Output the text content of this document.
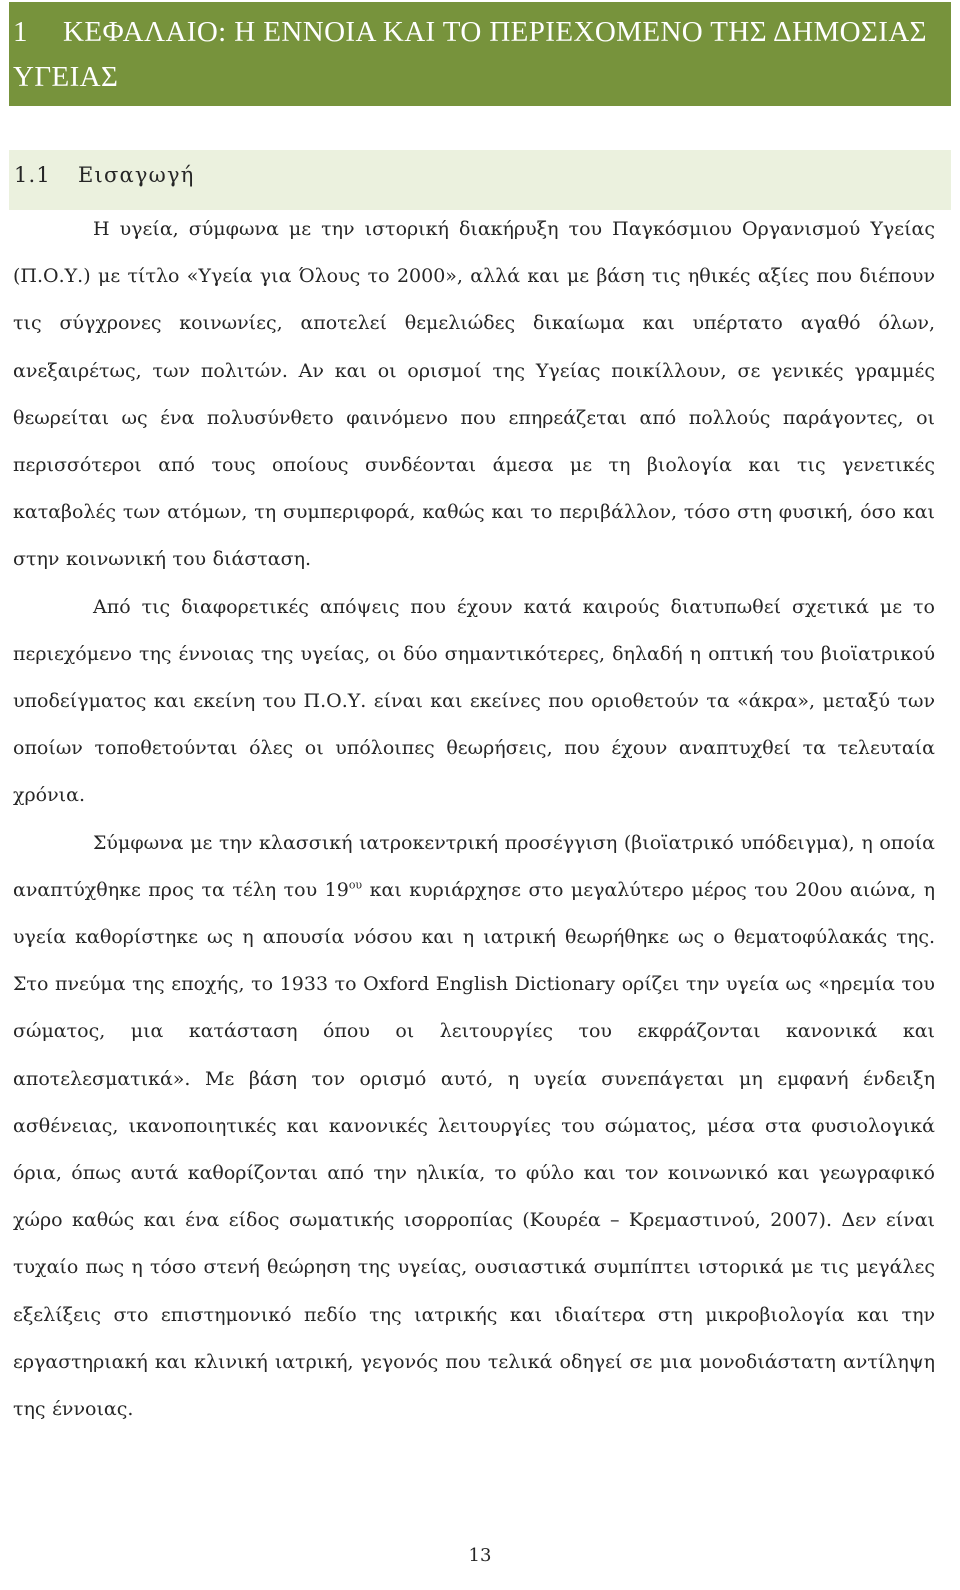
1 ΚΕΦΑΛΑΙΟ: Η ΕΝΝΟΙΑ ΚΑΙ ΤΟ ΠΕΡΙΕΧΟΜΕΝΟ ΤΗΣ ΔΗΜΟΣΙΑΣ ΥΓΕΙΑΣ
1.1 Εισαγωγή

Η υγεία, σύμφωνα με την ιστορική διακήρυξη του Παγκόσμιου Οργανισμού Υγείας (Π.Ο.Υ.) με τίτλο «Υγεία για Όλους το 2000», αλλά και με βάση τις ηθικές αξίες που διέπουν τις σύγχρονες κοινωνίες, αποτελεί θεμελιώδες δικαίωμα και υπέρτατο αγαθό όλων, ανεξαιρέτως, των πολιτών. Αν και οι ορισμοί της Υγείας ποικίλλουν, σε γενικές γραμμές θεωρείται ως ένα πολυσύνθετο φαινόμενο που επηρεάζεται από πολλούς παράγοντες, οι περισσότεροι από τους οποίους συνδέονται άμεσα με τη βιολογία και τις γενετικές καταβολές των ατόμων, τη συμπεριφορά, καθώς και το περιβάλλον, τόσο στη φυσική, όσο και στην κοινωνική του διάσταση.

Από τις διαφορετικές απόψεις που έχουν κατά καιρούς διατυπωθεί σχετικά με το περιεχόμενο της έννοιας της υγείας, οι δύο σημαντικότερες, δηλαδή η οπτική του βιοϊατρικού υποδείγματος και εκείνη του Π.Ο.Υ. είναι και εκείνες που οριοθετούν τα «άκρα», μεταξύ των οποίων τοποθετούνται όλες οι υπόλοιπες θεωρήσεις, που έχουν αναπτυχθεί τα τελευταία χρόνια.

Σύμφωνα με την κλασσική ιατροκεντρική προσέγγιση (βιοϊατρικό υπόδειγμα), η οποία αναπτύχθηκε προς τα τέλη του $19^{o\upsilon}$ και κυριάρχησε στο μεγαλύτερο μέρος του 20ου αιώνα, η υγεία καθορίστηκε ως η απουσία νόσου και η ιατρική θεωρήθηκε ως ο θεματοφύλακάς της. Στο πνεύμα της εποχής, το 1933 το Oxford English Dictionary ορίζει την υγεία ως «ηρεμία του σώματος, μια κατάσταση όπου οι λειτουργίες του εκφράζονται κανονικά και αποτελεσματικά». Με βάση τον ορισμό αυτό, η υγεία συνεπάγεται μη εμφανή ένδειξη ασθένειας, ικανοποιητικές και κανονικές λειτουργίες του σώματος, μέσα στα φυσιολογικά όρια, όπως αυτά καθορίζονται από την ηλικία, το φύλο και τον κοινωνικό και γεωγραφικό χώρο καθώς και ένα είδος σωματικής ισορροπίας (Κουρέα – Κρεμαστινού, 2007). Δεν είναι τυχαίο πως η τόσο στενή θεώρηση της υγείας, ουσιαστικά συμπίπτει ιστορικά με τις μεγάλες εξελίξεις στο επιστημονικό πεδίο της ιατρικής και ιδιαίτερα στη μικροβιολογία και την εργαστηριακή και κλινική ιατρική, γεγονός που τελικά οδηγεί σε μια μονοδιάστατη αντίληψη της έννοιας.

13
